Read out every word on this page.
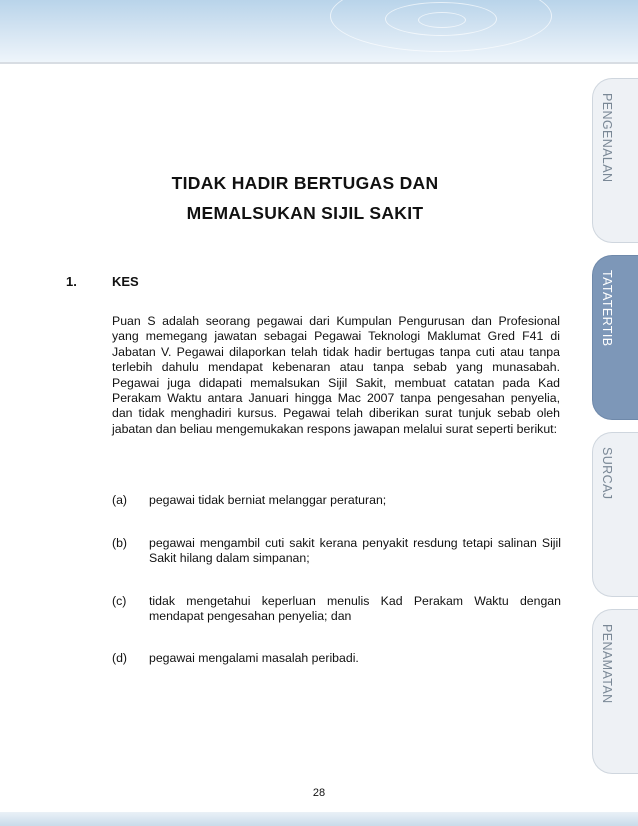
TIDAK HADIR BERTUGAS DAN
MEMALSUKAN SIJIL SAKIT
1.	KES
Puan S adalah seorang pegawai dari Kumpulan Pengurusan dan Profesional yang memegang jawatan sebagai Pegawai Teknologi Maklumat Gred F41 di Jabatan V. Pegawai dilaporkan telah tidak hadir bertugas tanpa cuti atau tanpa terlebih dahulu mendapat kebenaran atau tanpa sebab yang munasabah. Pegawai juga didapati memalsukan Sijil Sakit, membuat catatan pada Kad Perakam Waktu antara Januari hingga Mac 2007 tanpa pengesahan penyelia, dan tidak menghadiri kursus. Pegawai telah diberikan surat tunjuk sebab oleh jabatan dan beliau mengemukakan respons jawapan melalui surat seperti berikut:
(a) pegawai tidak berniat melanggar peraturan;
(b) pegawai mengambil cuti sakit kerana penyakit resdung tetapi salinan Sijil Sakit hilang dalam simpanan;
(c) tidak mengetahui keperluan menulis Kad Perakam Waktu dengan mendapat pengesahan penyelia; dan
(d) pegawai mengalami masalah peribadi.
PENGENALAN
TATATERTIB
SURCAJ
PENAMATAN
28
